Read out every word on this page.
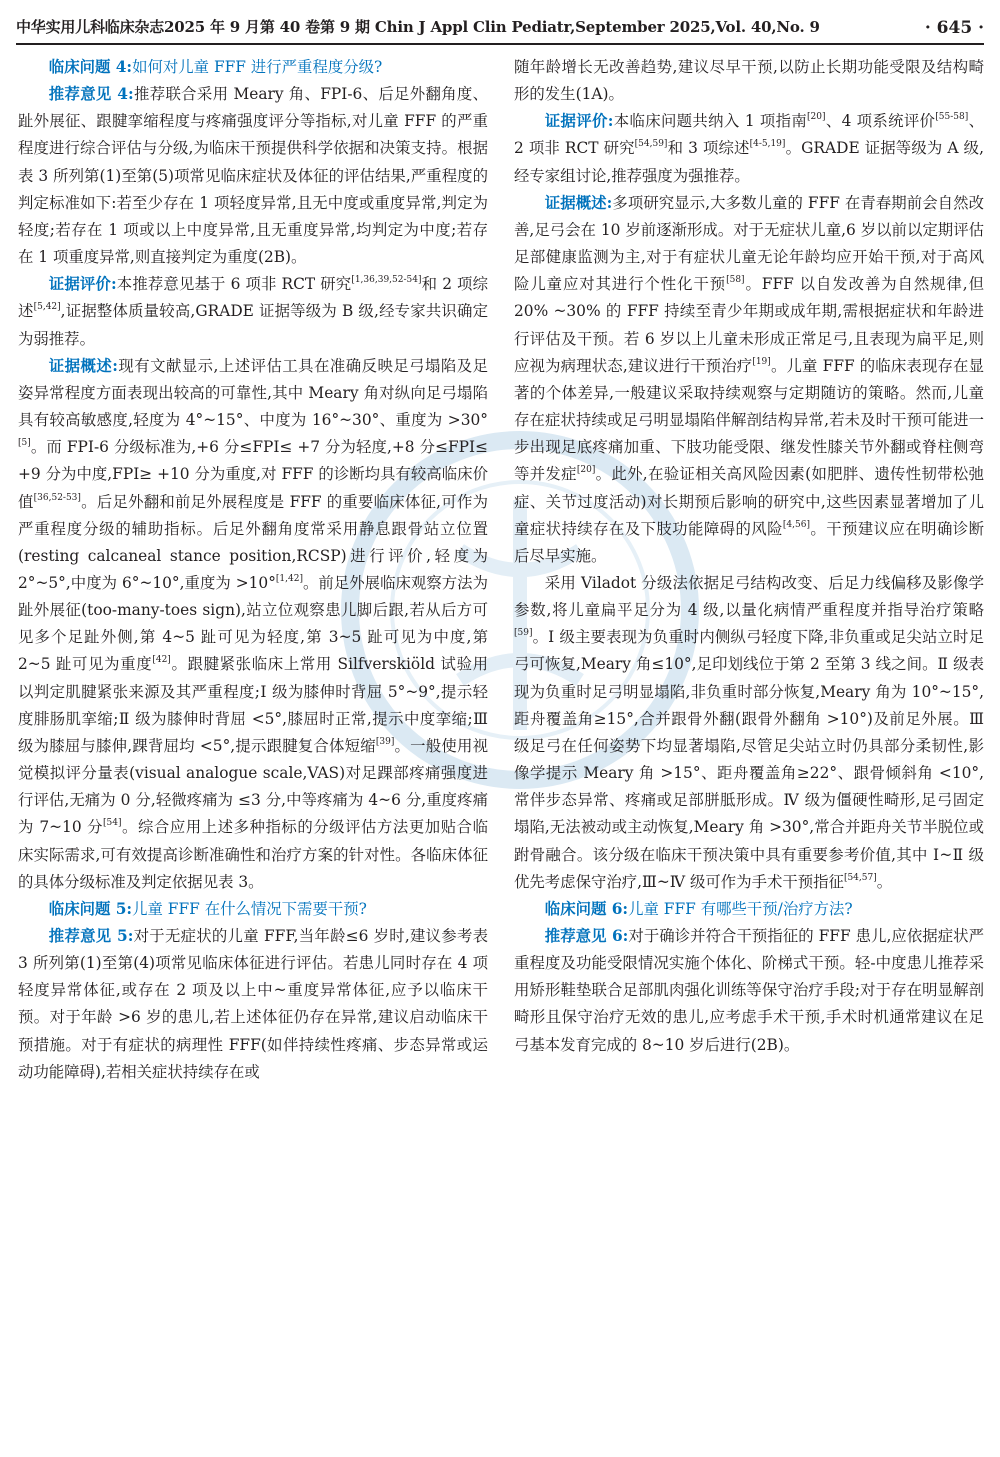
中华实用儿科临床杂志2025 年 9 月第 40 卷第 9 期 Chin J Appl Clin Pediatr,September 2025,Vol. 40,No. 9	· 645 ·

临床问题 4:如何对儿童 FFF 进行严重程度分级?

推荐意见 4:推荐联合采用 Meary 角、FPI-6、后足外翻角度、趾外展征、跟腱挛缩程度与疼痛强度评分等指标,对儿童 FFF 的严重程度进行综合评估与分级,为临床干预提供科学依据和决策支持。根据表 3 所列第(1)至第(5)项常见临床症状及体征的评估结果,严重程度的判定标准如下:若至少存在 1 项轻度异常,且无中度或重度异常,判定为轻度;若存在 1 项或以上中度异常,且无重度异常,均判定为中度;若存在 1 项重度异常,则直接判定为重度(2B)。

证据评价:本推荐意见基于 6 项非 RCT 研究[1,36,39,52-54]和 2 项综述[5,42],证据整体质量较高,GRADE 证据等级为 B 级,经专家共识确定为弱推荐。

证据概述:现有文献显示,上述评估工具在准确反映足弓塌陷及足姿异常程度方面表现出较高的可靠性,其中 Meary 角对纵向足弓塌陷具有较高敏感度,轻度为 4°~15°、中度为 16°~30°、重度为 >30°[5]。而 FPI-6 分级标准为,+6 分≤FPI≤ +7 分为轻度,+8 分≤FPI≤ +9 分为中度,FPI≥ +10 分为重度,对 FFF 的诊断均具有较高临床价值[36,52-53]。后足外翻和前足外展程度是 FFF 的重要临床体征,可作为严重程度分级的辅助指标。后足外翻角度常采用静息跟骨站立位置(resting calcaneal stance position,RCSP)进行评价,轻度为 2°~5°,中度为 6°~10°,重度为 >10°[1,42]。前足外展临床观察方法为趾外展征(too-many-toes sign),站立位观察患儿脚后跟,若从后方可见多个足趾外侧,第 4~5 趾可见为轻度,第 3~5 趾可见为中度,第 2~5 趾可见为重度[42]。跟腱紧张临床上常用 Silfverskiöld 试验用以判定肌腱紧张来源及其严重程度;Ⅰ 级为膝伸时背屈 5°~9°,提示轻度腓肠肌挛缩;Ⅱ 级为膝伸时背屈 <5°,膝屈时正常,提示中度挛缩;Ⅲ 级为膝屈与膝伸,踝背屈均 <5°,提示跟腱复合体短缩[39]。一般使用视觉模拟评分量表(visual analogue scale,VAS)对足踝部疼痛强度进行评估,无痛为 0 分,轻微疼痛为 ≤3 分,中等疼痛为 4~6 分,重度疼痛为 7~10 分[54]。综合应用上述多种指标的分级评估方法更加贴合临床实际需求,可有效提高诊断准确性和治疗方案的针对性。各临床体征的具体分级标准及判定依据见表 3。

临床问题 5:儿童 FFF 在什么情况下需要干预?

推荐意见 5:对于无症状的儿童 FFF,当年龄≤6 岁时,建议参考表 3 所列第(1)至第(4)项常见临床体征进行评估。若患儿同时存在 4 项轻度异常体征,或存在 2 项及以上中~重度异常体征,应予以临床干预。对于年龄 >6 岁的患儿,若上述体征仍存在异常,建议启动临床干预措施。对于有症状的病理性 FFF(如伴持续性疼痛、步态异常或运动功能障碍),若相关症状持续存在或

随年龄增长无改善趋势,建议尽早干预,以防止长期功能受限及结构畸形的发生(1A)。

证据评价:本临床问题共纳入 1 项指南[20]、4 项系统评价[55-58]、2 项非 RCT 研究[54,59]和 3 项综述[4-5,19]。GRADE 证据等级为 A 级,经专家组讨论,推荐强度为强推荐。

证据概述:多项研究显示,大多数儿童的 FFF 在青春期前会自然改善,足弓会在 10 岁前逐渐形成。对于无症状儿童,6 岁以前以定期评估足部健康监测为主,对于有症状儿童无论年龄均应开始干预,对于高风险儿童应对其进行个性化干预[58]。FFF 以自发改善为自然规律,但 20% ~30% 的 FFF 持续至青少年期或成年期,需根据症状和年龄进行评估及干预。若 6 岁以上儿童未形成正常足弓,且表现为扁平足,则应视为病理状态,建议进行干预治疗[19]。儿童 FFF 的临床表现存在显著的个体差异,一般建议采取持续观察与定期随访的策略。然而,儿童存在症状持续或足弓明显塌陷伴解剖结构异常,若未及时干预可能进一步出现足底疼痛加重、下肢功能受限、继发性膝关节外翻或脊柱侧弯等并发症[20]。此外,在验证相关高风险因素(如肥胖、遗传性韧带松弛症、关节过度活动)对长期预后影响的研究中,这些因素显著增加了儿童症状持续存在及下肢功能障碍的风险[4,56]。干预建议应在明确诊断后尽早实施。

采用 Viladot 分级法依据足弓结构改变、后足力线偏移及影像学参数,将儿童扁平足分为 4 级,以量化病情严重程度并指导治疗策略[59]。Ⅰ 级主要表现为负重时内侧纵弓轻度下降,非负重或足尖站立时足弓可恢复,Meary 角≤10°,足印划线位于第 2 至第 3 线之间。Ⅱ 级表现为负重时足弓明显塌陷,非负重时部分恢复,Meary 角为 10°~15°,距舟覆盖角≥15°,合并跟骨外翻(跟骨外翻角 >10°)及前足外展。Ⅲ 级足弓在任何姿势下均显著塌陷,尽管足尖站立时仍具部分柔韧性,影像学提示 Meary 角 >15°、距舟覆盖角≥22°、跟骨倾斜角 <10°,常伴步态异常、疼痛或足部胼胝形成。Ⅳ 级为僵硬性畸形,足弓固定塌陷,无法被动或主动恢复,Meary 角 >30°,常合并距舟关节半脱位或跗骨融合。该分级在临床干预决策中具有重要参考价值,其中 Ⅰ~Ⅱ 级优先考虑保守治疗,Ⅲ~Ⅳ 级可作为手术干预指征[54,57]。

临床问题 6:儿童 FFF 有哪些干预/治疗方法?

推荐意见 6:对于确诊并符合干预指征的 FFF 患儿,应依据症状严重程度及功能受限情况实施个体化、阶梯式干预。轻-中度患儿推荐采用矫形鞋垫联合足部肌肉强化训练等保守治疗手段;对于存在明显解剖畸形且保守治疗无效的患儿,应考虑手术干预,手术时机通常建议在足弓基本发育完成的 8~10 岁后进行(2B)。
